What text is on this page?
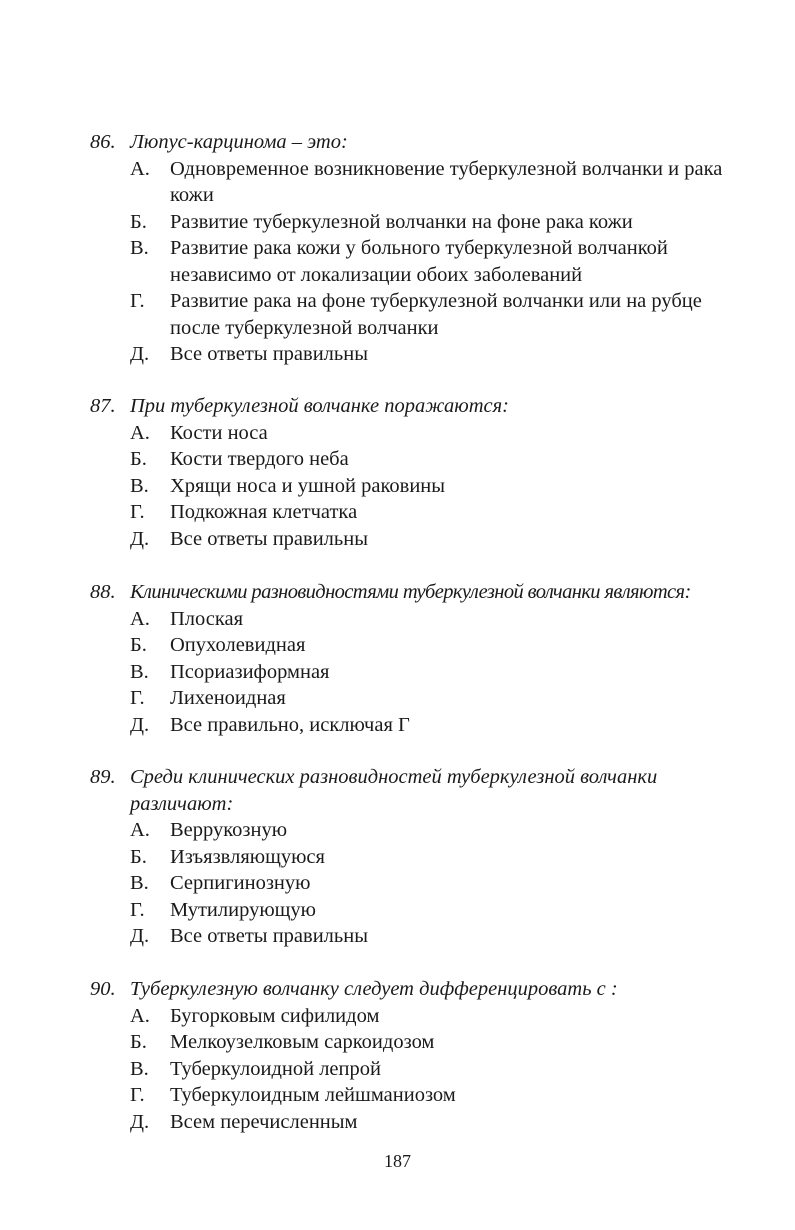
86. Люпус-карцинома – это:
А. Одновременное возникновение туберкулезной волчанки и рака кожи
Б.	Развитие туберкулезной волчанки на фоне рака кожи
В.	Развитие рака кожи у больного туберкулезной волчанкой независимо от локализации обоих заболеваний
Г.	Развитие рака на фоне туберкулезной волчанки или на рубце после туберкулезной волчанки
Д.	Все ответы правильны
87. При туберкулезной волчанке поражаются:
А. Кости носа
Б.	Кости твердого неба
В.	Хрящи носа и ушной раковины
Г.	Подкожная клетчатка
Д.	Все ответы правильны
88. Клиническими разновидностями туберкулезной волчанки являются:
А. Плоская
Б.	Опухолевидная
В.	Псориазиформная
Г.	Лихеноидная
Д.	Все правильно, исключая Г
89. Среди клинических разновидностей туберкулезной волчанки различают:
А. Веррукозную
Б.	Изъязвляющуюся
В.	Серпигинозную
Г.	Мутилирующую
Д.	Все ответы правильны
90. Туберкулезную волчанку следует дифференцировать с :
А. Бугорковым сифилидом
Б.	Мелкоузелковым саркоидозом
В.	Туберкулоидной лепрой
Г.	Туберкулоидным лейшманиозом
Д.	Всем перечисленным
187
